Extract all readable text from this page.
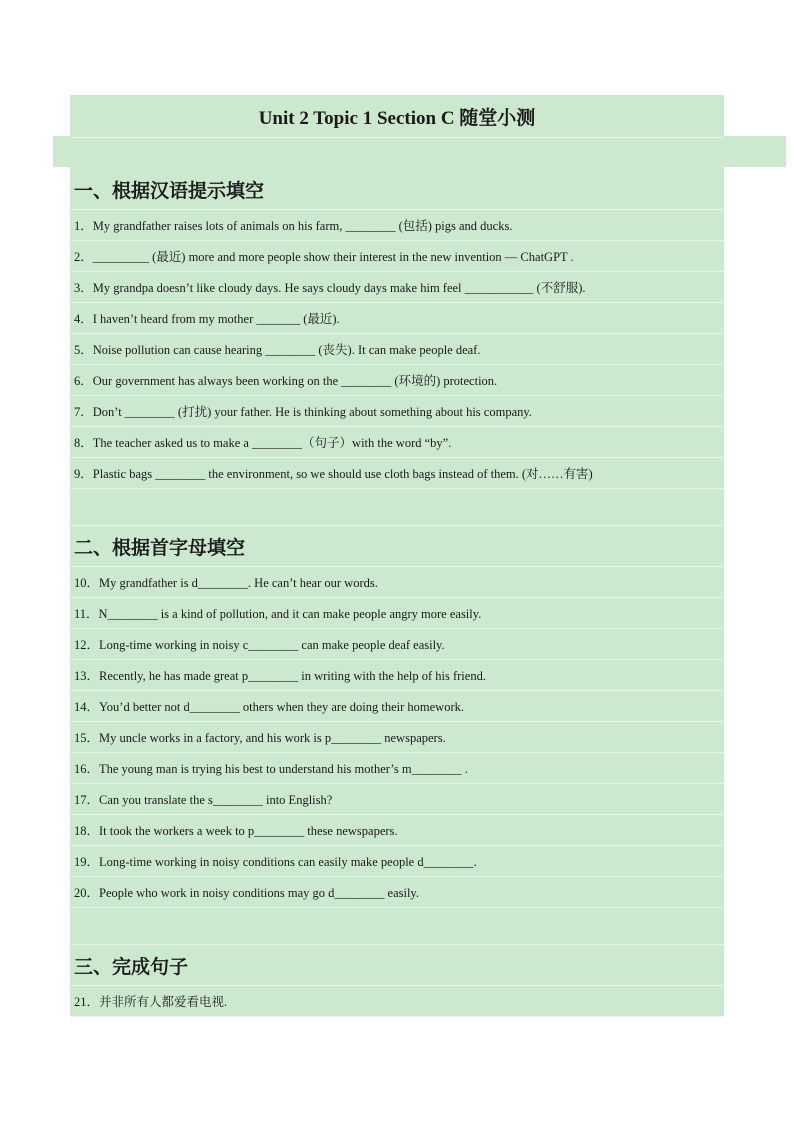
Unit 2 Topic 1 Section C 随堂小测
一、根据汉语提示填空
1．My grandfather raises lots of animals on his farm, ________ (包括) pigs and ducks.
2．_________ (最近) more and more people show their interest in the new invention — ChatGPT .
3．My grandpa doesn’t like cloudy days. He says cloudy days make him feel ___________ (不舒服).
4．I haven’t heard from my mother _______ (最近).
5．Noise pollution can cause hearing ________ (丧失). It can make people deaf.
6．Our government has always been working on the ________ (环境的) protection.
7．Don’t ________ (打扰) your father. He is thinking about something about his company.
8．The teacher asked us to make a ________（句子）with the word “by”.
9．Plastic bags ________ the environment, so we should use cloth bags instead of them. (对……有害)
二、根据首字母填空
10．My grandfather is d________. He can’t hear our words.
11．N________ is a kind of pollution, and it can make people angry more easily.
12．Long-time working in noisy c________ can make people deaf easily.
13．Recently, he has made great p________ in writing with the help of his friend.
14．You’d better not d________ others when they are doing their homework.
15．My uncle works in a factory, and his work is p________ newspapers.
16．The young man is trying his best to understand his mother’s m________ .
17．Can you translate the s________ into English?
18．It took the workers a week to p________ these newspapers.
19．Long-time working in noisy conditions can easily make people d________.
20．People who work in noisy conditions may go d________ easily.
三、完成句子
21．并非所有人都爱看电视.
